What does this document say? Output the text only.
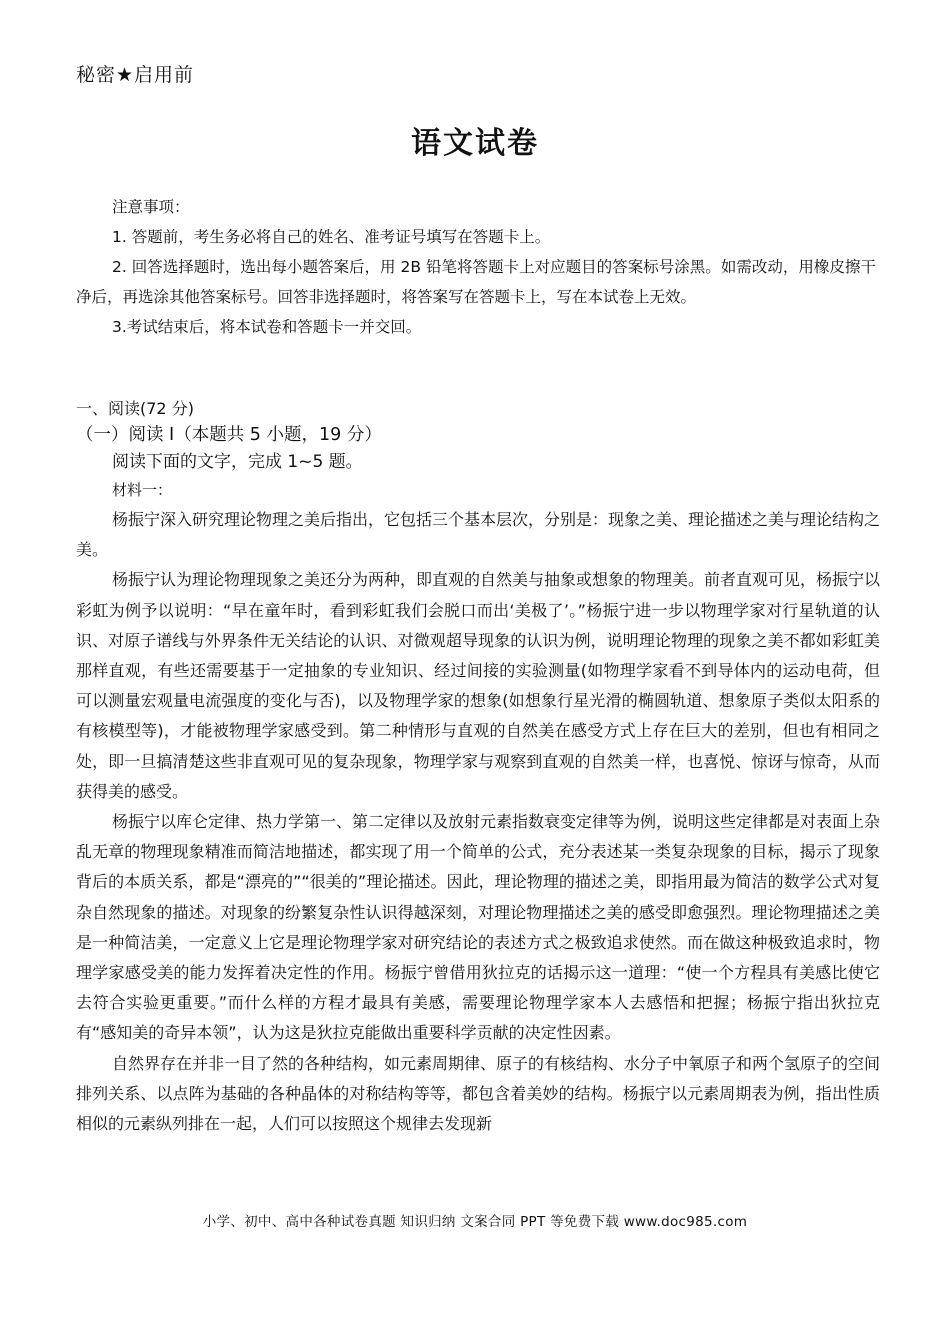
秘密★启用前
语文试卷
注意事项：
1. 答题前，考生务必将自己的姓名、准考证号填写在答题卡上。
2. 回答选择题时，选出每小题答案后，用 2B 铅笔将答题卡上对应题目的答案标号涂黑。如需改动，用橡皮擦干净后，再选涂其他答案标号。回答非选择题时，将答案写在答题卡上，写在本试卷上无效。
3.考试结束后，将本试卷和答题卡一并交回。
一、阅读(72 分)
（一）阅读 I（本题共 5 小题，19 分）
阅读下面的文字，完成 1~5 题。
材料一：

杨振宁深入研究理论物理之美后指出，它包括三个基本层次，分别是：现象之美、理论描述之美与理论结构之美。

杨振宁认为理论物理现象之美还分为两种，即直观的自然美与抽象或想象的物理美。前者直观可见，杨振宁以彩虹为例予以说明：“早在童年时，看到彩虹我们会脱口而出‘美极了’。”杨振宁进一步以物理学家对行星轨道的认识、对原子谱线与外界条件无关结论的认识、对微观超导现象的认识为例，说明理论物理的现象之美不都如彩虹美那样直观，有些还需要基于一定抽象的专业知识、经过间接的实验测量(如物理学家看不到导体内的运动电荷，但可以测量宏观量电流强度的变化与否)，以及物理学家的想象(如想象行星光滑的椭圆轨道、想象原子类似太阳系的有核模型等)，才能被物理学家感受到。第二种情形与直观的自然美在感受方式上存在巨大的差别，但也有相同之处，即一旦搞清楚这些非直观可见的复杂现象，物理学家与观察到直观的自然美一样，也喜悦、惊讶与惊奇，从而获得美的感受。

杨振宁以库仑定律、热力学第一、第二定律以及放射元素指数衰变定律等为例，说明这些定律都是对表面上杂乱无章的物理现象精准而简洁地描述，都实现了用一个简单的公式，充分表述某一类复杂现象的目标，揭示了现象背后的本质关系，都是“漂亮的”“很美的”理论描述。因此，理论物理的描述之美，即指用最为简洁的数学公式对复杂自然现象的描述。对现象的纷繁复杂性认识得越深刻，对理论物理描述之美的感受即愈强烈。理论物理描述之美是一种简洁美，一定意义上它是理论物理学家对研究结论的表述方式之极致追求使然。而在做这种极致追求时，物理学家感受美的能力发挥着决定性的作用。杨振宁曾借用狄拉克的话揭示这一道理：“使一个方程具有美感比使它去符合实验更重要。”而什么样的方程才最具有美感，需要理论物理学家本人去感悟和把握；杨振宁指出狄拉克有“感知美的奇异本领”，认为这是狄拉克能做出重要科学贡献的决定性因素。

自然界存在并非一目了然的各种结构，如元素周期律、原子的有核结构、水分子中氧原子和两个氢原子的空间排列关系、以点阵为基础的各种晶体的对称结构等等，都包含着美妙的结构。杨振宁以元素周期表为例，指出性质相似的元素纵列排在一起，人们可以按照这个规律去发现新

小学、初中、高中各种试卷真题 知识归纳 文案合同 PPT 等免费下载 www.doc985.com
